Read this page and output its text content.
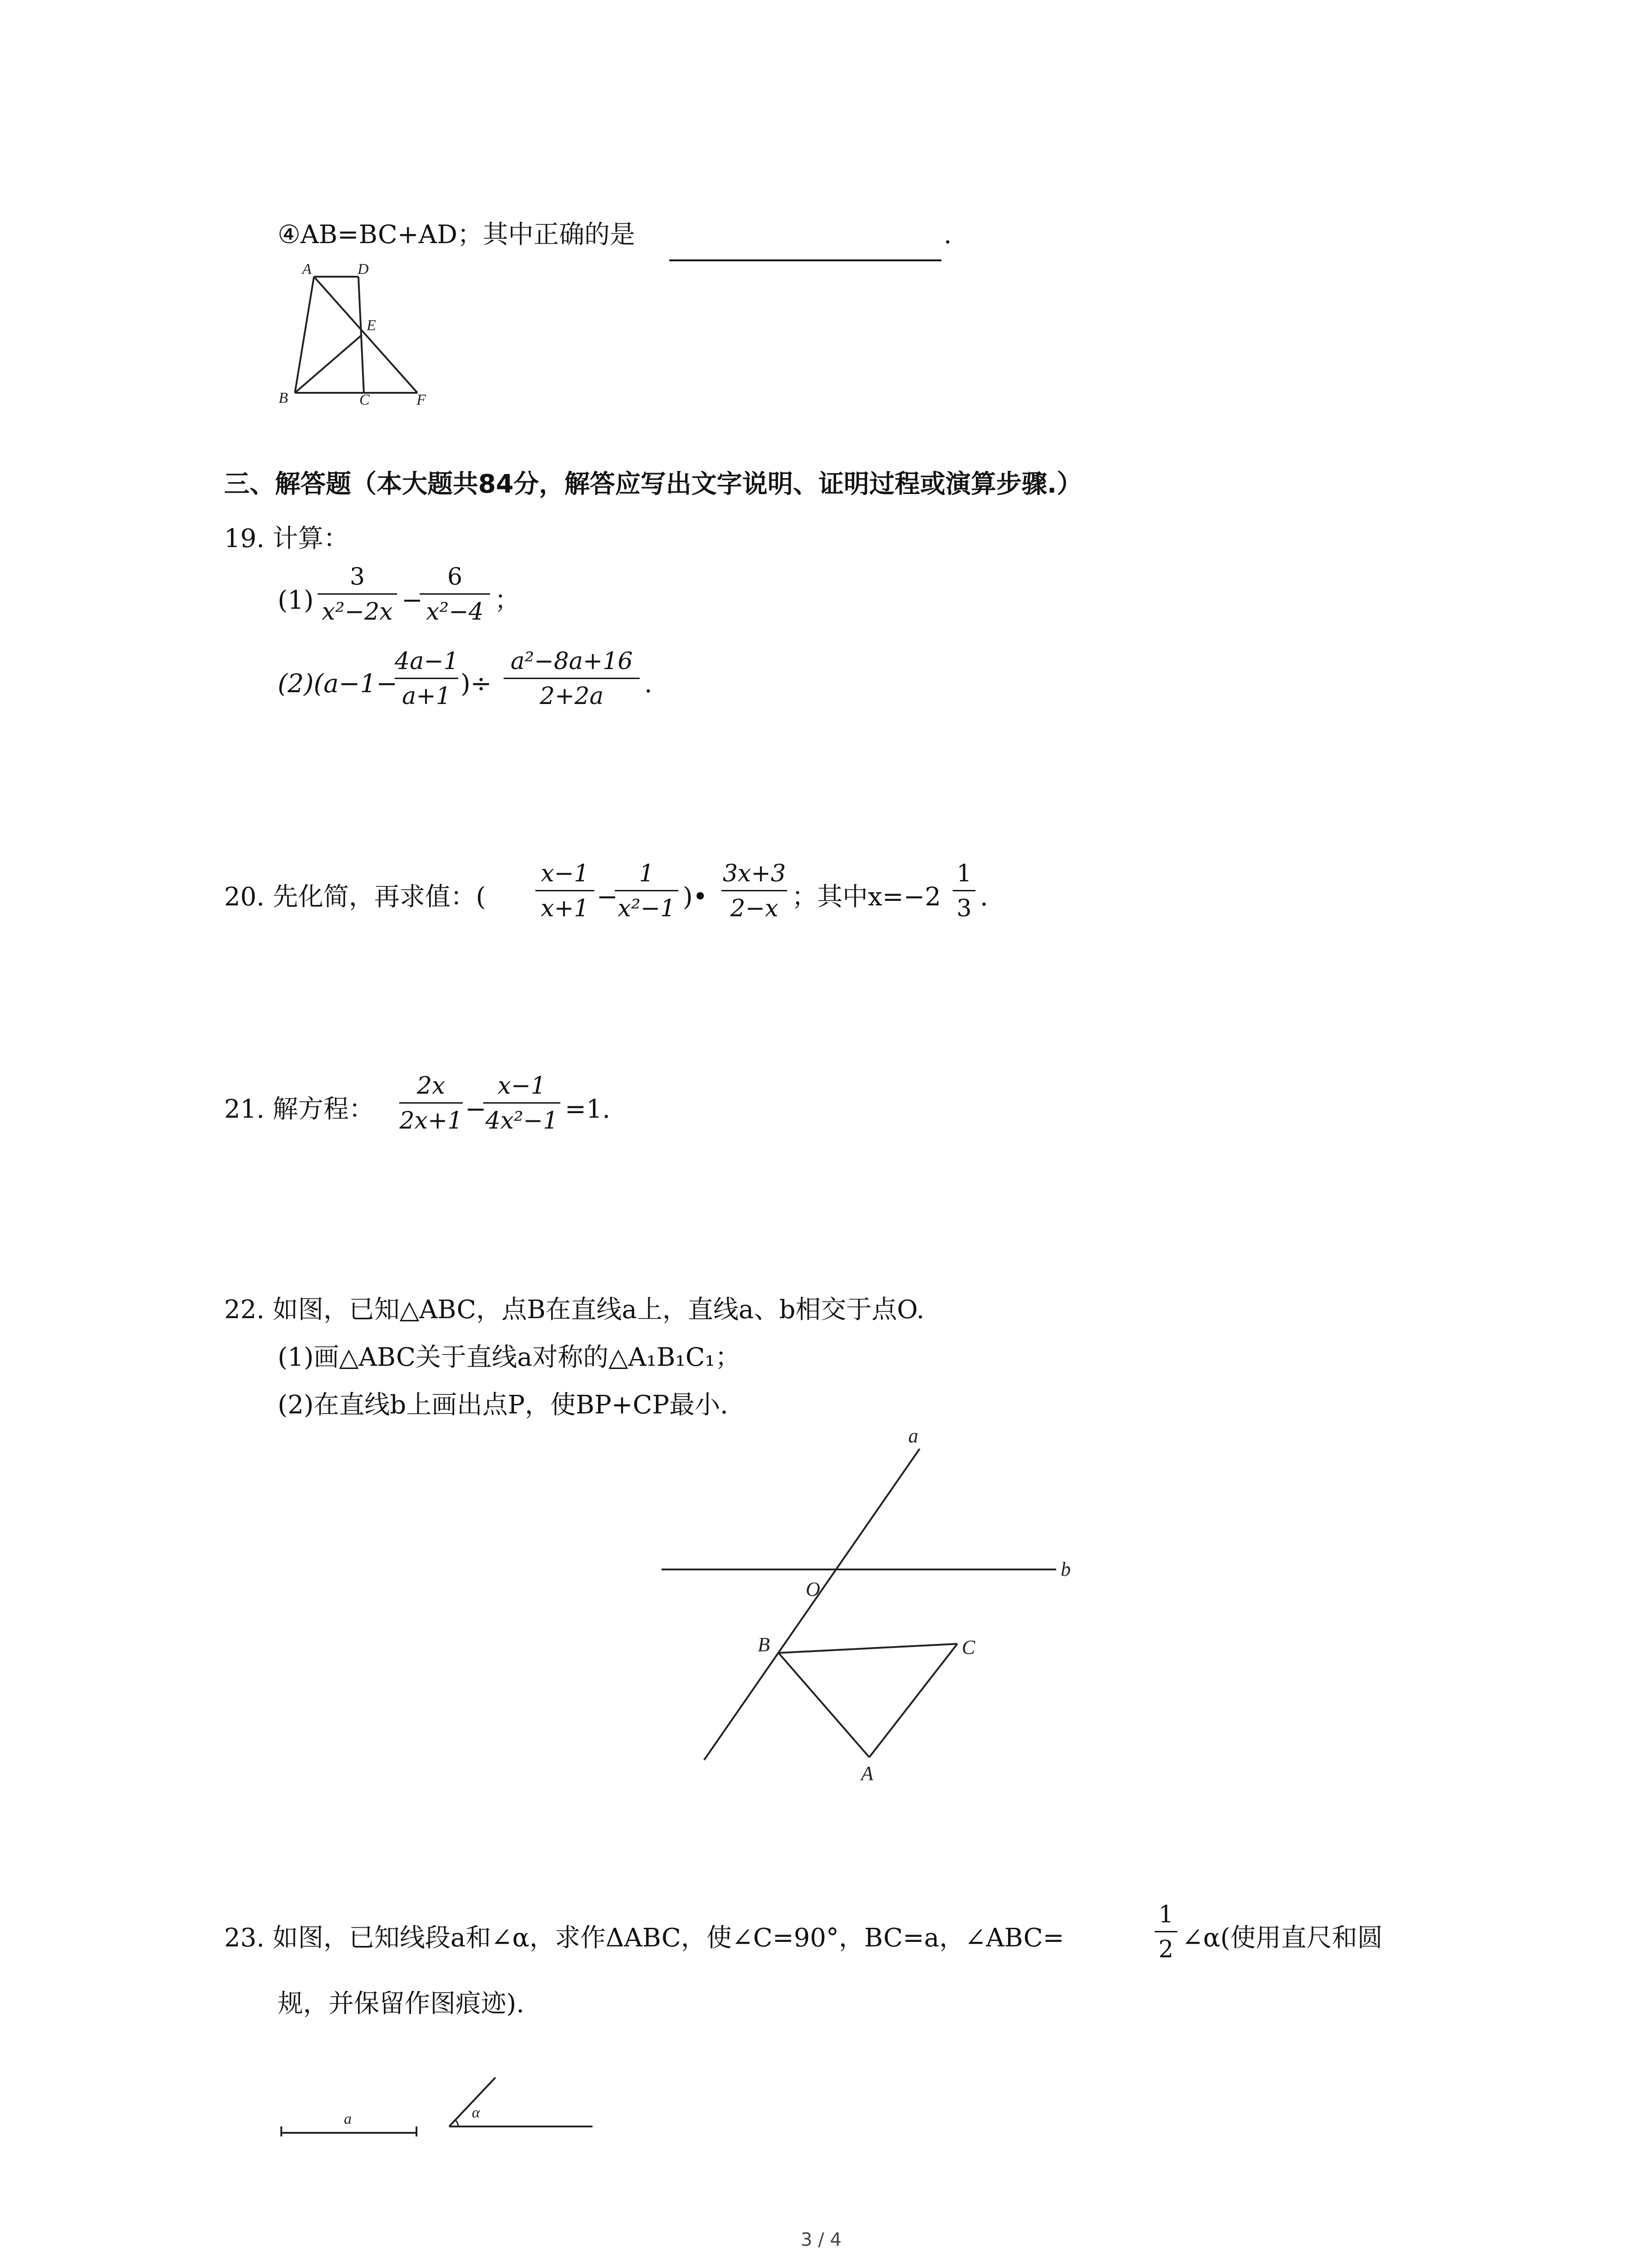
④AB=BC+AD；其中正确的是	.
A	D
E
B	C	F
三、解答题（本大题共84分，解答应写出文字说明、证明过程或演算步骤.）
19. 计算：
(1)
3
x²−2x −
6
x²−4 ；
(2)(a−1−
4a−1
a+1 )÷
a²−8a+16
2+2a	.
20. 先化简，再求值：(
x−1
x+1 −
1
x²−1 )•
3x+3
2−x ；其中x=−2
1
3 .
21. 解方程：
2x
2x+1 −
x−1
4x²−1 =1.
22. 如图，已知△ABC，点B在直线a上，直线a、b相交于点O.
(1)画△ABC关于直线a对称的△A₁B₁C₁；
(2)在直线b上画出点P，使BP+CP最小.
a
b
O
B	C
A
23. 如图，已知线段a和∠α，求作ΔABC，使∠C=90°，BC=a，∠ABC=
1
2 ∠α(使用直尺和圆
规，并保留作图痕迹).
a	α
3 / 4
